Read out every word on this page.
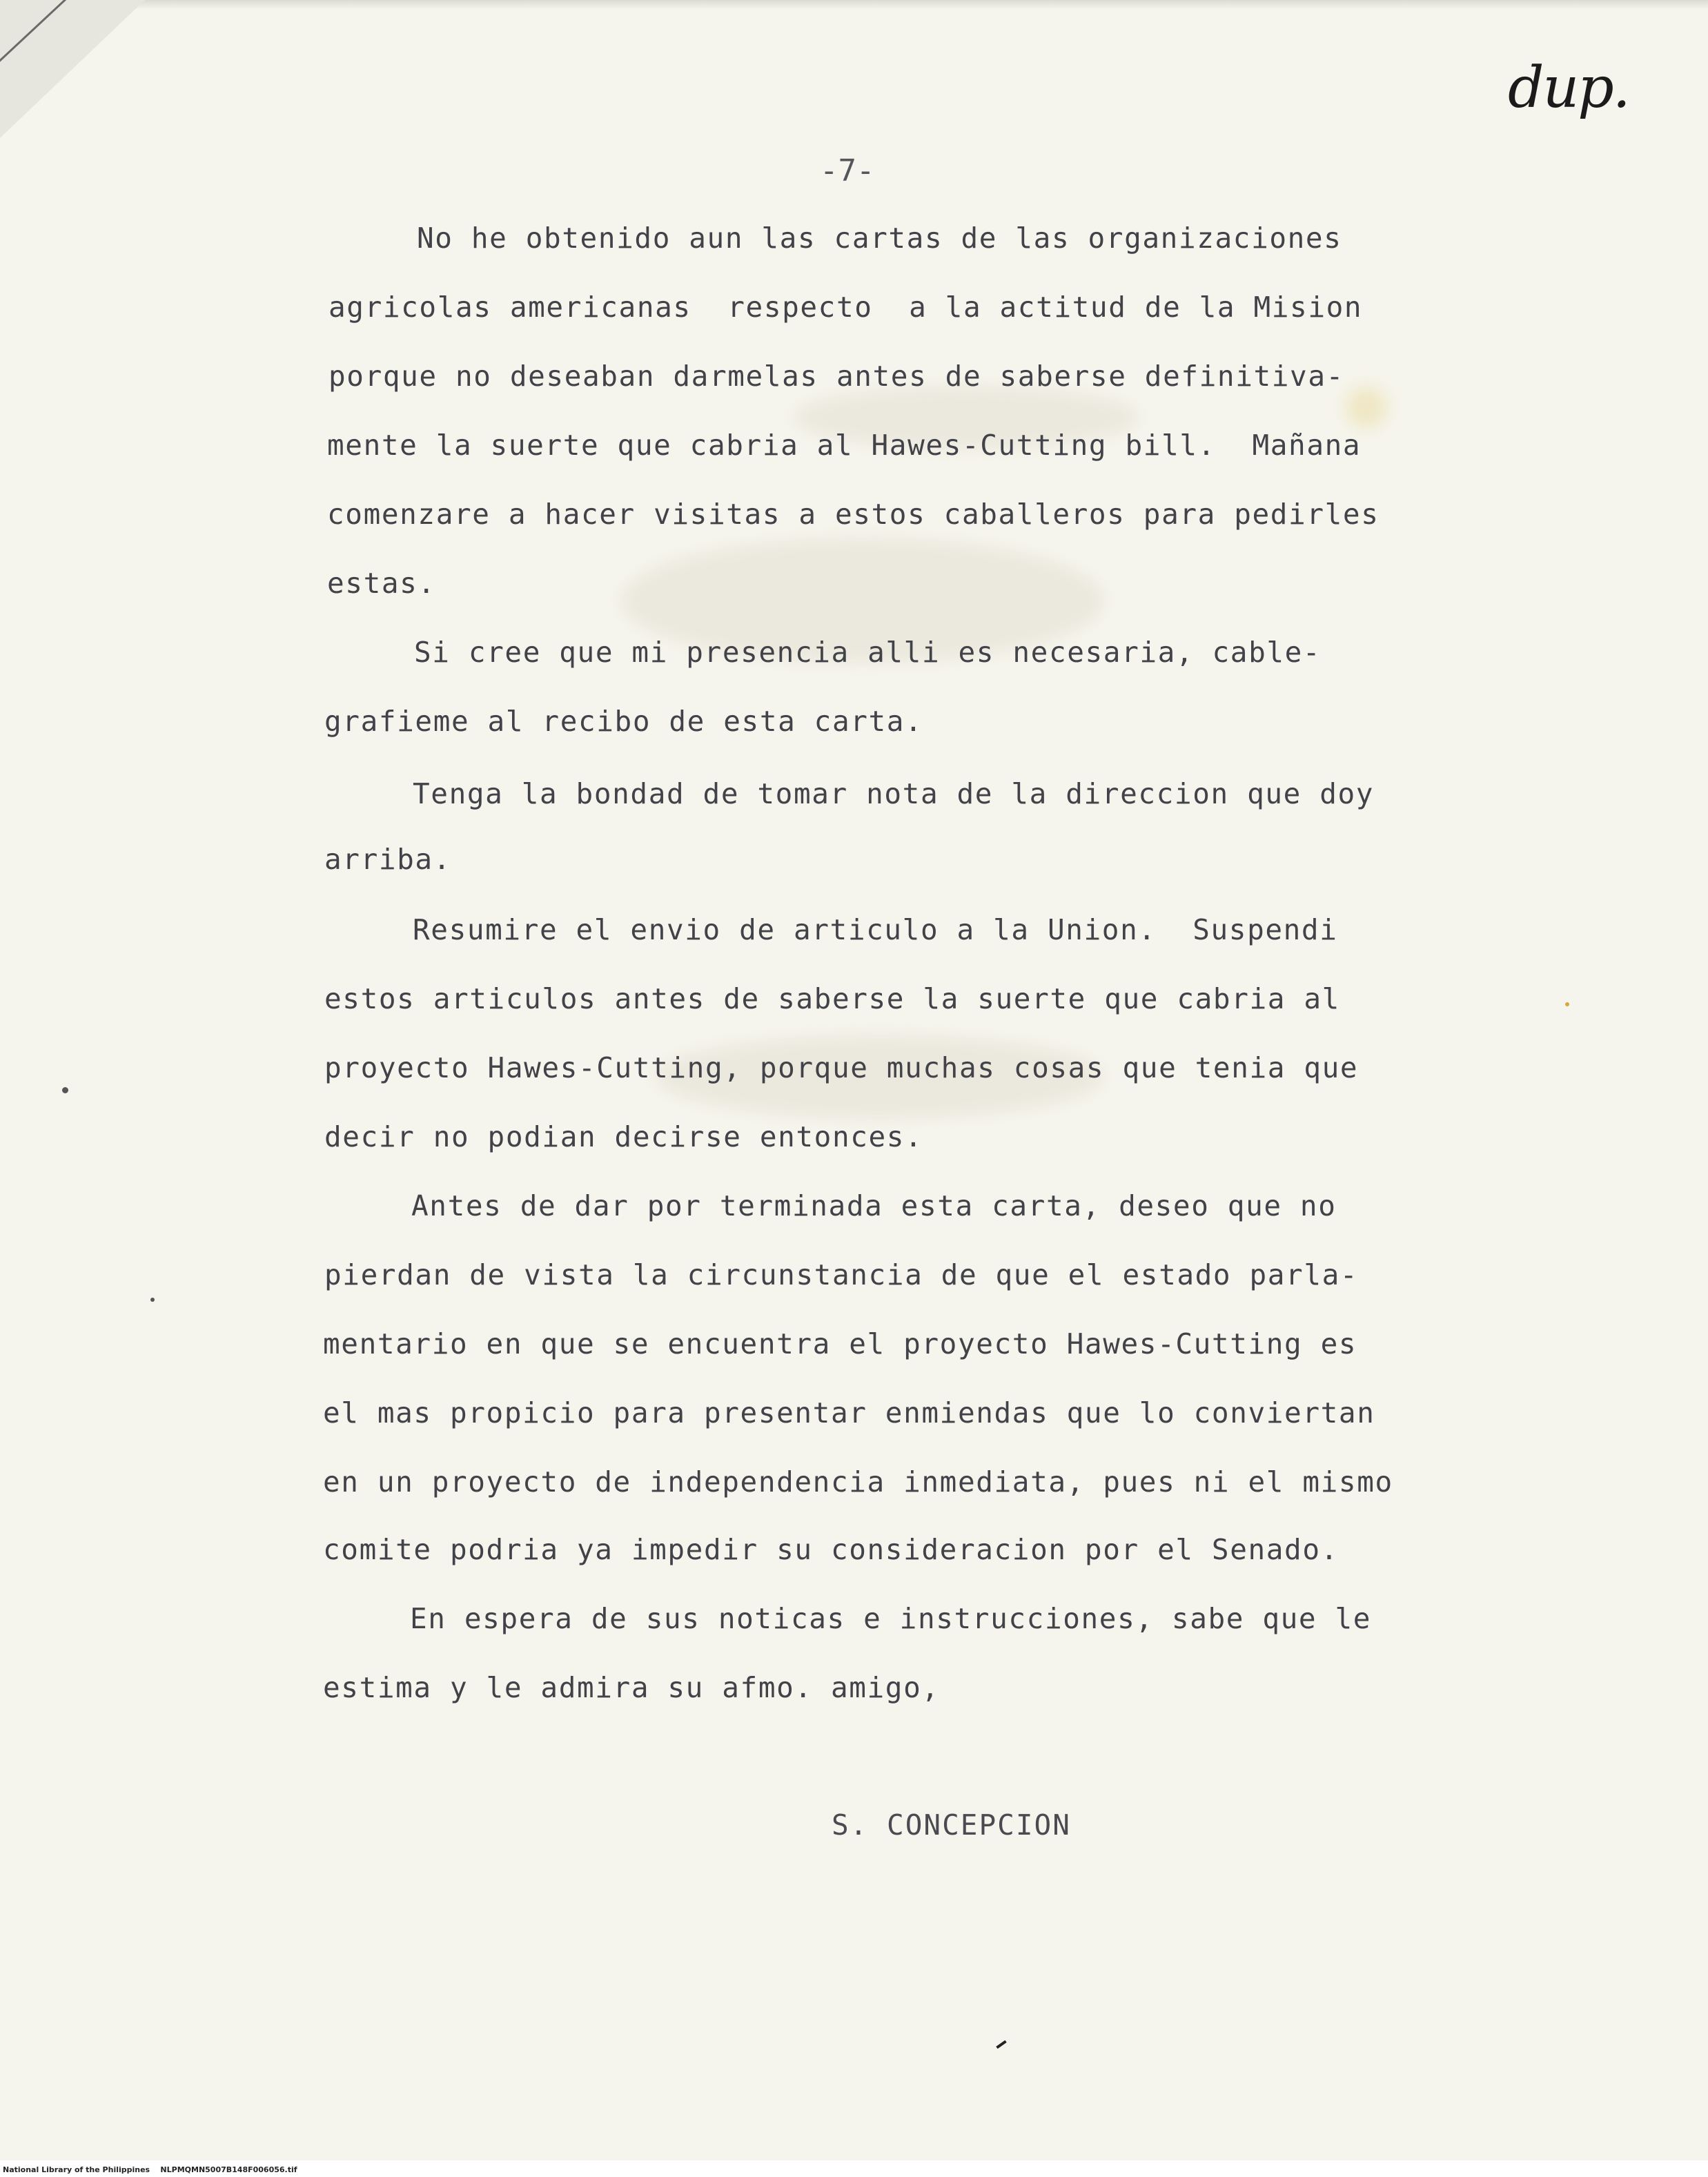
dup.
-7-
No he obtenido aun las cartas de las organizaciones
agricolas americanas  respecto  a la actitud de la Mision
porque no deseaban darmelas antes de saberse definitiva-
mente la suerte que cabria al Hawes-Cutting bill.  Mañana
comenzare a hacer visitas a estos caballeros para pedirles
estas.
Si cree que mi presencia alli es necesaria, cable-
grafieme al recibo de esta carta.
Tenga la bondad de tomar nota de la direccion que doy
arriba.
Resumire el envio de articulo a la Union.  Suspendi
estos articulos antes de saberse la suerte que cabria al
proyecto Hawes-Cutting, porque muchas cosas que tenia que
decir no podian decirse entonces.
Antes de dar por terminada esta carta, deseo que no
pierdan de vista la circunstancia de que el estado parla-
mentario en que se encuentra el proyecto Hawes-Cutting es
el mas propicio para presentar enmiendas que lo conviertan
en un proyecto de independencia inmediata, pues ni el mismo
comite podria ya impedir su consideracion por el Senado.
En espera de sus noticas e instrucciones, sabe que le
estima y le admira su afmo. amigo,
S. CONCEPCION
National Library of the Philippines    NLPMQMN5007B148F006056.tif
